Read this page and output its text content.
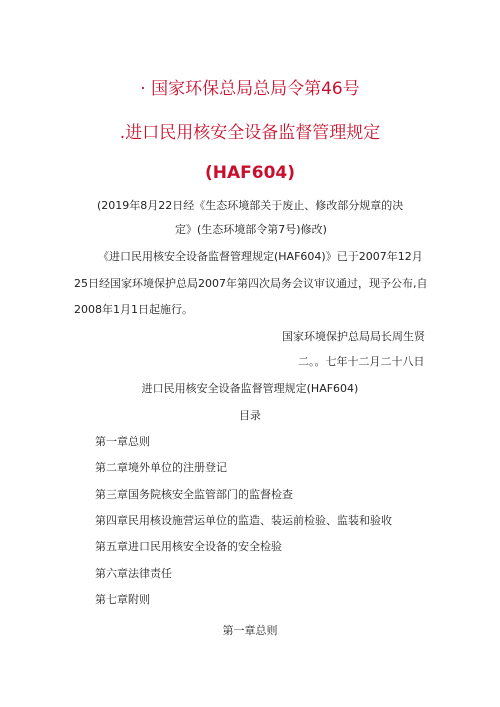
· 国家环保总局总局令第46号
.进口民用核安全设备监督管理规定
(HAF604)
(2019年8月22日经《生态环境部关于废止、修改部分规章的决
定》(生态环境部令第7号)修改)
《进口民用核安全设备监督管理规定(HAF604)》已于2007年12月
25日经国家环境保护总局2007年第四次局务会议审议通过，现予公布,自
2008年1月1日起施行。
国家环境保护总局局长周生贤
二。。七年十二月二十八日
进口民用核安全设备监督管理规定(HAF604)
目录
第一章总则
第二章境外单位的注册登记
第三章国务院核安全监管部门的监督检查
第四章民用核设施营运单位的监造、装运前检验、监装和验收
第五章进口民用核安全设备的安全检验
第六章法律责任
第七章附则
第一章总则
